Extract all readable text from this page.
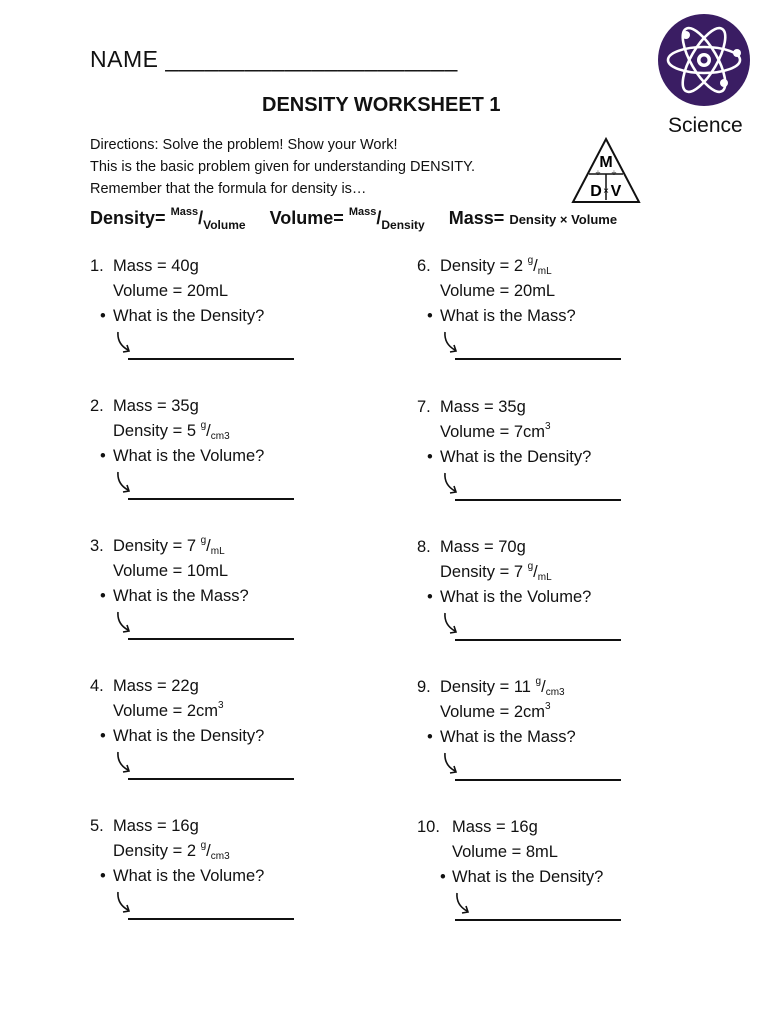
NAME ______________________
DENSITY WORKSHEET 1
Directions: Solve the problem! Show your Work!
This is the basic problem given for understanding DENSITY.
Remember that the formula for density is…
Science
M
÷ ÷
D × V
Density= $^{Mass}/_{Volume}$ Volume= $^{Mass}/_{Density}$ Mass= Density × Volume
1. Mass = 40g
Volume = 20mL
• What is the Density?
2. Mass = 35g
Density = 5 $^g/_{cm3}$
• What is the Volume?
3. Density = 7 $^g/_{mL}$
Volume = 10mL
• What is the Mass?
4. Mass = 22g
Volume = $2cm^3$
• What is the Density?
5. Mass = 16g
Density = 2 $^g/_{cm3}$
• What is the Volume?
6. Density = 2 $^g/_{mL}$
Volume = 20mL
• What is the Mass?
7. Mass = 35g
Volume = $7cm^3$
• What is the Density?
8. Mass = 70g
Density = 7 $^g/_{mL}$
• What is the Volume?
9. Density = 11 $^g/_{cm3}$
Volume = $2cm^3$
• What is the Mass?
10. Mass = 16g
Volume = 8mL
• What is the Density?
